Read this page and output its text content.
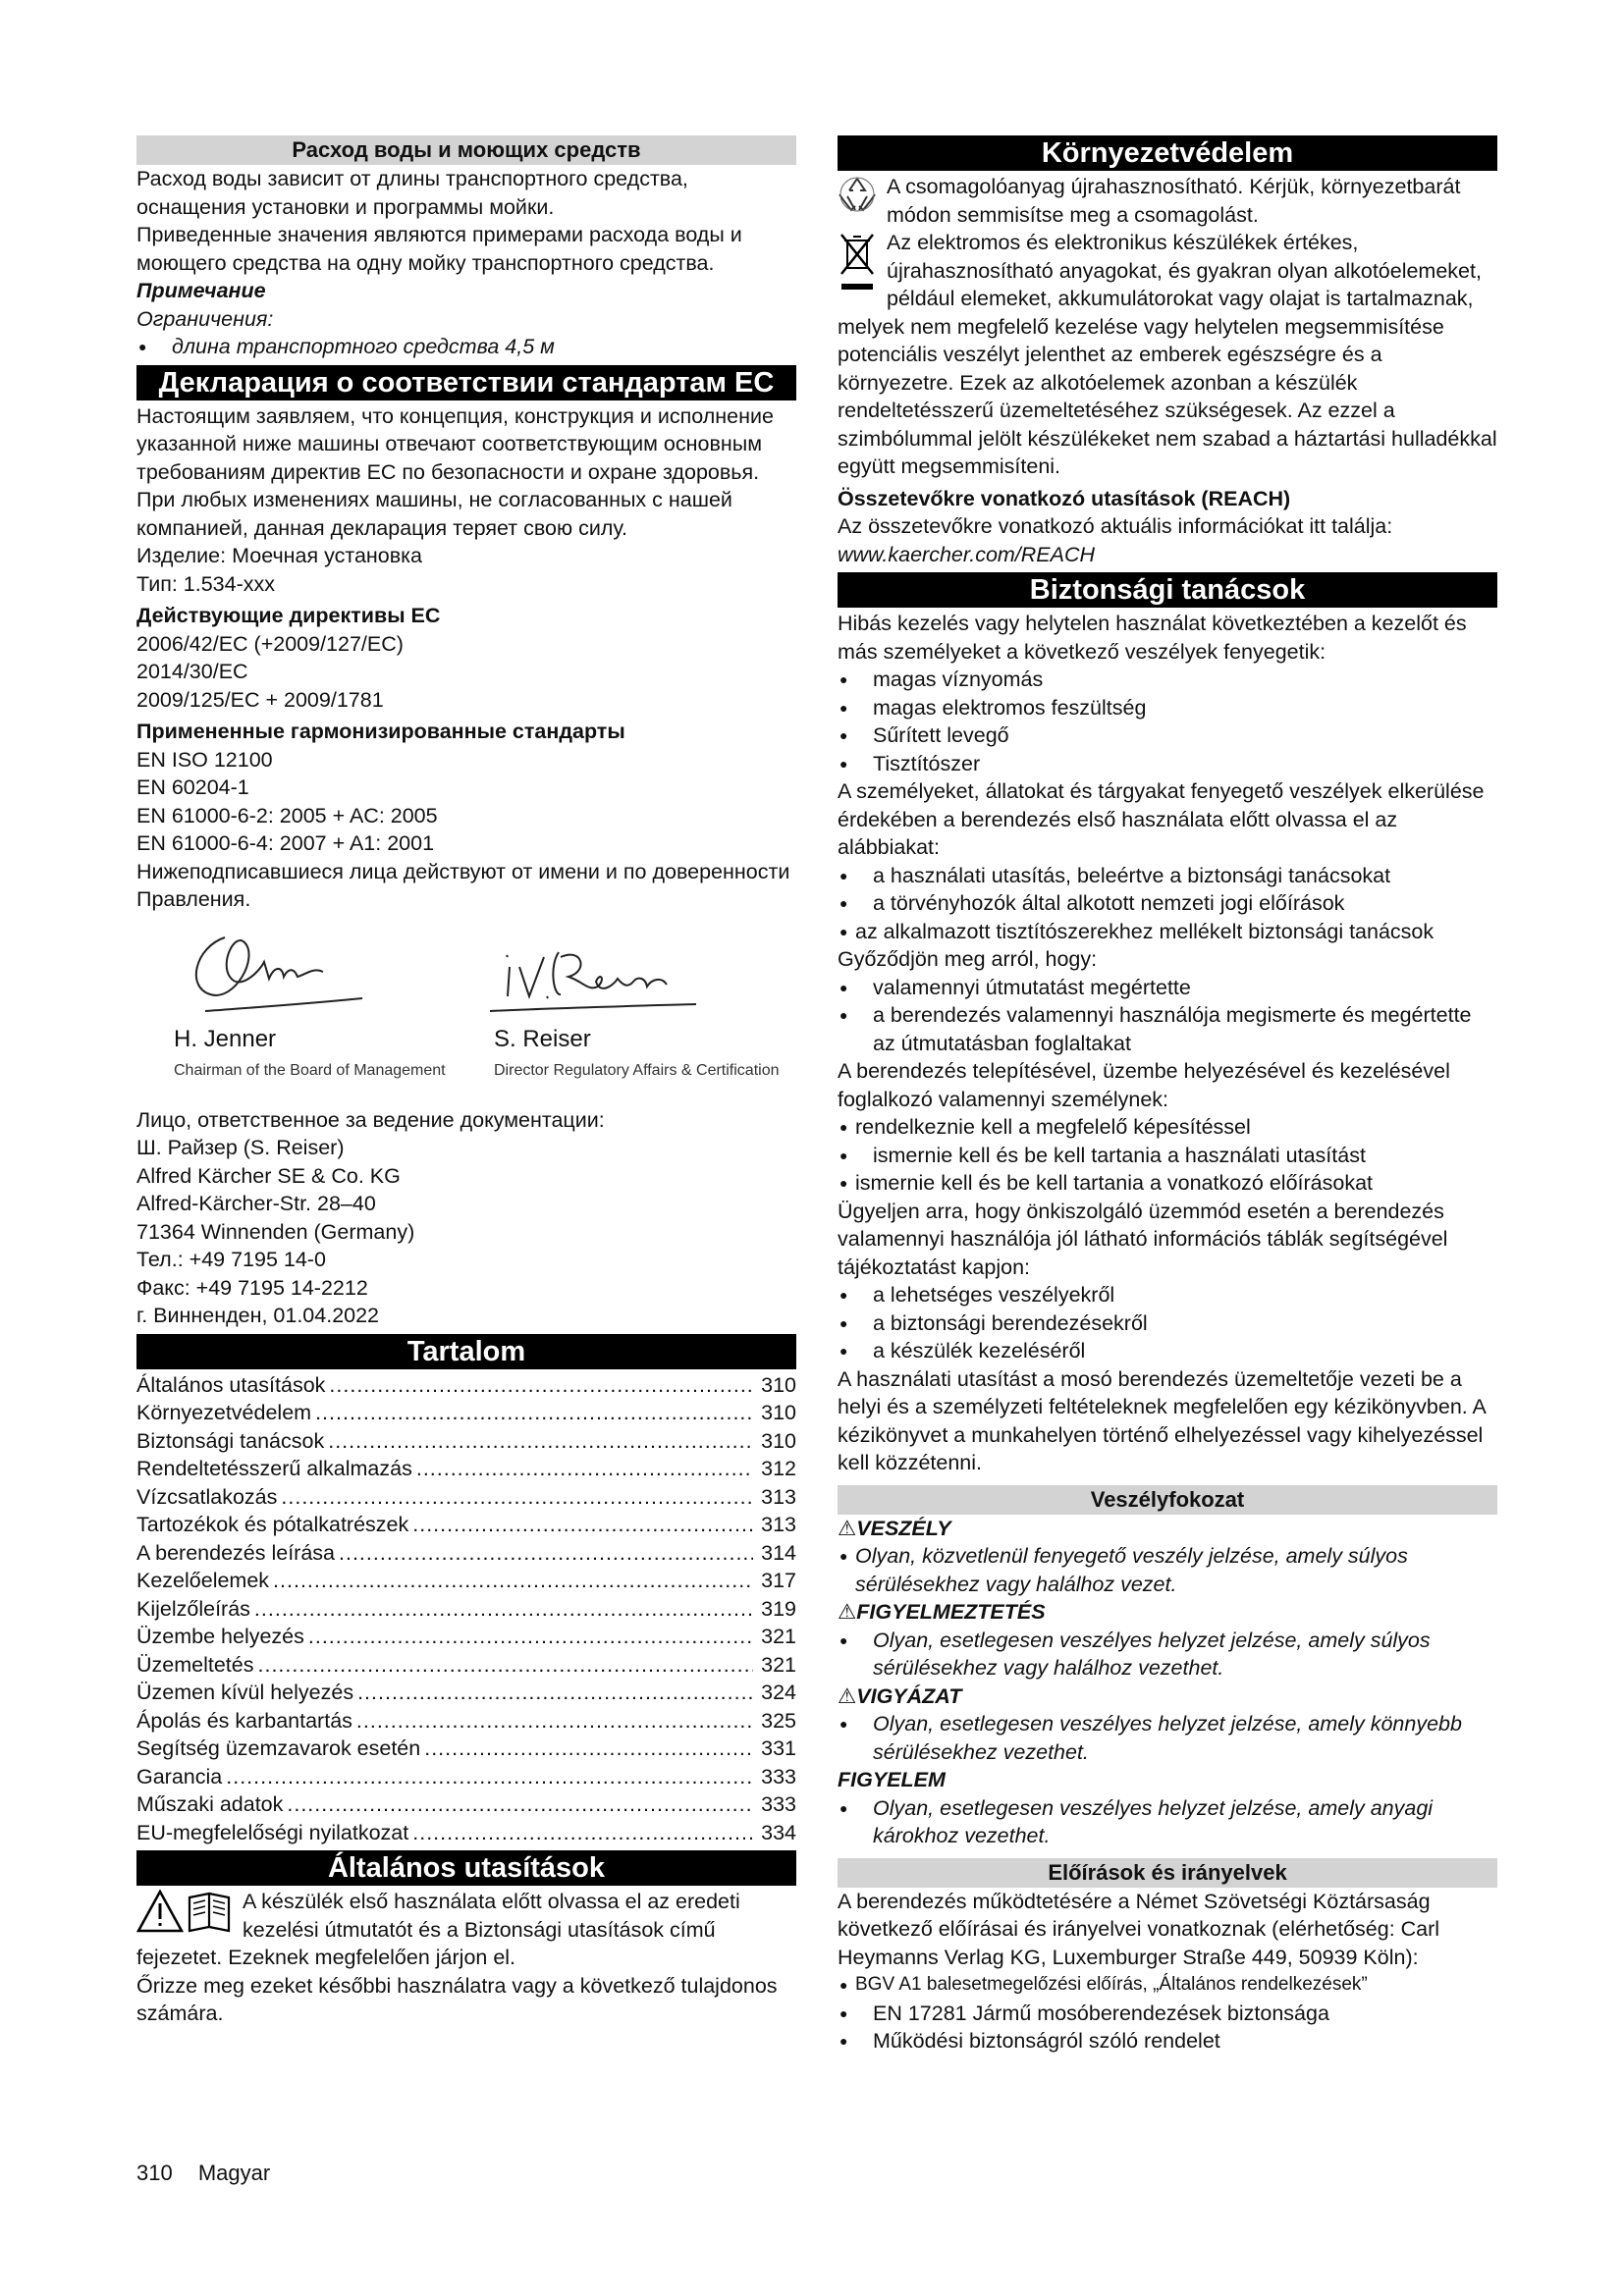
Расход воды и моющих средств

Расход воды зависит от длины транспортного средства, оснащения установки и программы мойки.

Приведенные значения являются примерами расхода воды и моющего средства на одну мойку транспортного средства.

Примечание

Ограничения:

● длина транспортного средства 4,5 м

Декларация о соответствии стандартам ЕС

Настоящим заявляем, что концепция, конструкция и исполнение указанной ниже машины отвечают соответствующим основным требованиям директив ЕС по безопасности и охране здоровья. При любых изменениях машины, не согласованных с нашей компанией, данная декларация теряет свою силу.

Изделие: Моечная установка

Тип: 1.534-xxx

Действующие директивы ЕС

2006/42/EC (+2009/127/EC)

2014/30/EC

2009/125/EC + 2009/1781

Примененные гармонизированные стандарты

EN ISO 12100

EN 60204-1

EN 61000-6-2: 2005 + AC: 2005

EN 61000-6-4: 2007 + A1: 2001

Нижеподписавшиеся лица действуют от имени и по доверенности Правления.

H. Jenner
Chairman of the Board of Management
S. Reiser
Director Regulatory Affairs & Certification

Лицо, ответственное за ведение документации:

Ш. Райзер (S. Reiser)

Alfred Kärcher SE & Co. KG

Alfred-Kärcher-Str. 28–40

71364 Winnenden (Germany)

Тел.: +49 7195 14-0

Факс: +49 7195 14-2212

г. Винненден, 01.04.2022

Tartalom
Általános utasítások .....	310
Környezetvédelem .....	310
Biztonsági tanácsok .....	310
Rendeltetésszerű alkalmazás .....	312
Vízcsatlakozás .....	313
Tartozékok és pótalkatrészek .....	313
A berendezés leírása .....	314
Kezelőelemek .....	317
Kijelzőleírás .....	319
Üzembe helyezés .....	321
Üzemeltetés .....	321
Üzemen kívül helyezés .....	324
Ápolás és karbantartás .....	325
Segítség üzemzavarok esetén .....	331
Garancia .....	333
Műszaki adatok .....	333
EU-megfelelőségi nyilatkozat .....	334
Általános utasítások

A készülék első használata előtt olvassa el az eredeti kezelési útmutatót és a Biztonsági utasítások című fejezetet. Ezeknek megfelelően járjon el.

Őrizze meg ezeket későbbi használatra vagy a következő tulajdonos számára.

Környezetvédelem

A csomagolóanyag újrahasznosítható. Kérjük, környezetbarát módon semmisítse meg a csomagolást.

Az elektromos és elektronikus készülékek értékes, újrahasznosítható anyagokat, és gyakran olyan alkotóelemeket, például elemeket, akkumulátorokat vagy olajat is tartalmaznak, melyek nem megfelelő kezelése vagy helytelen megsemmisítése potenciális veszélyt jelenthet az emberek egészségre és a környezetre. Ezek az alkotóelemek azonban a készülék rendeltetésszerű üzemeltetéséhez szükségesek. Az ezzel a szimbólummal jelölt készülékeket nem szabad a háztartási hulladékkal együtt megsemmisíteni.

Összetevőkre vonatkozó utasítások (REACH)

Az összetevőkre vonatkozó aktuális információkat itt találja:

www.kaercher.com/REACH

Biztonsági tanácsok

Hibás kezelés vagy helytelen használat következtében a kezelőt és más személyeket a következő veszélyek fenyegetik:

● magas víznyomás

● magas elektromos feszültség

● Sűrített levegő

● Tisztítószer

A személyeket, állatokat és tárgyakat fenyegető veszélyek elkerülése érdekében a berendezés első használata előtt olvassa el az alábbiakat:

● a használati utasítás, beleértve a biztonsági tanácsokat

● a törvényhozók által alkotott nemzeti jogi előírások

● az alkalmazott tisztítószerekhez mellékelt biztonsági tanácsok

Győződjön meg arról, hogy:

● valamennyi útmutatást megértette

● a berendezés valamennyi használója megismerte és megértette az útmutatásban foglaltakat

A berendezés telepítésével, üzembe helyezésével és kezelésével foglalkozó valamennyi személynek:

● rendelkeznie kell a megfelelő képesítéssel

● ismernie kell és be kell tartania a használati utasítást

● ismernie kell és be kell tartania a vonatkozó előírásokat

Ügyeljen arra, hogy önkiszolgáló üzemmód esetén a berendezés valamennyi használója jól látható információs táblák segítségével tájékoztatást kapjon:

● a lehetséges veszélyekről

● a biztonsági berendezésekről

● a készülék kezeléséről

A használati utasítást a mosó berendezés üzemeltetője vezeti be a helyi és a személyzeti feltételeknek megfelelően egy kézikönyvben. A kézikönyvet a munkahelyen történő elhelyezéssel vagy kihelyezéssel kell közzétenni.

Veszélyfokozat

⚠VESZÉLY

● Olyan, közvetlenül fenyegető veszély jelzése, amely súlyos sérülésekhez vagy halálhoz vezet.

⚠FIGYELMEZTETÉS

● Olyan, esetlegesen veszélyes helyzet jelzése, amely súlyos sérülésekhez vagy halálhoz vezethet.

⚠VIGYÁZAT

● Olyan, esetlegesen veszélyes helyzet jelzése, amely könnyebb sérülésekhez vezethet.

FIGYELEM

● Olyan, esetlegesen veszélyes helyzet jelzése, amely anyagi károkhoz vezethet.

Előírások és irányelvek

A berendezés működtetésére a Német Szövetségi Köztársaság következő előírásai és irányelvei vonatkoznak (elérhetőség: Carl Heymanns Verlag KG, Luxemburger Straße 449, 50939 Köln):

● BGV A1 balesetmegelőzési előírás, „Általános rendelkezések”

● EN 17281 Jármű mosóberendezések biztonsága

● Működési biztonságról szóló rendelet

310 Magyar
